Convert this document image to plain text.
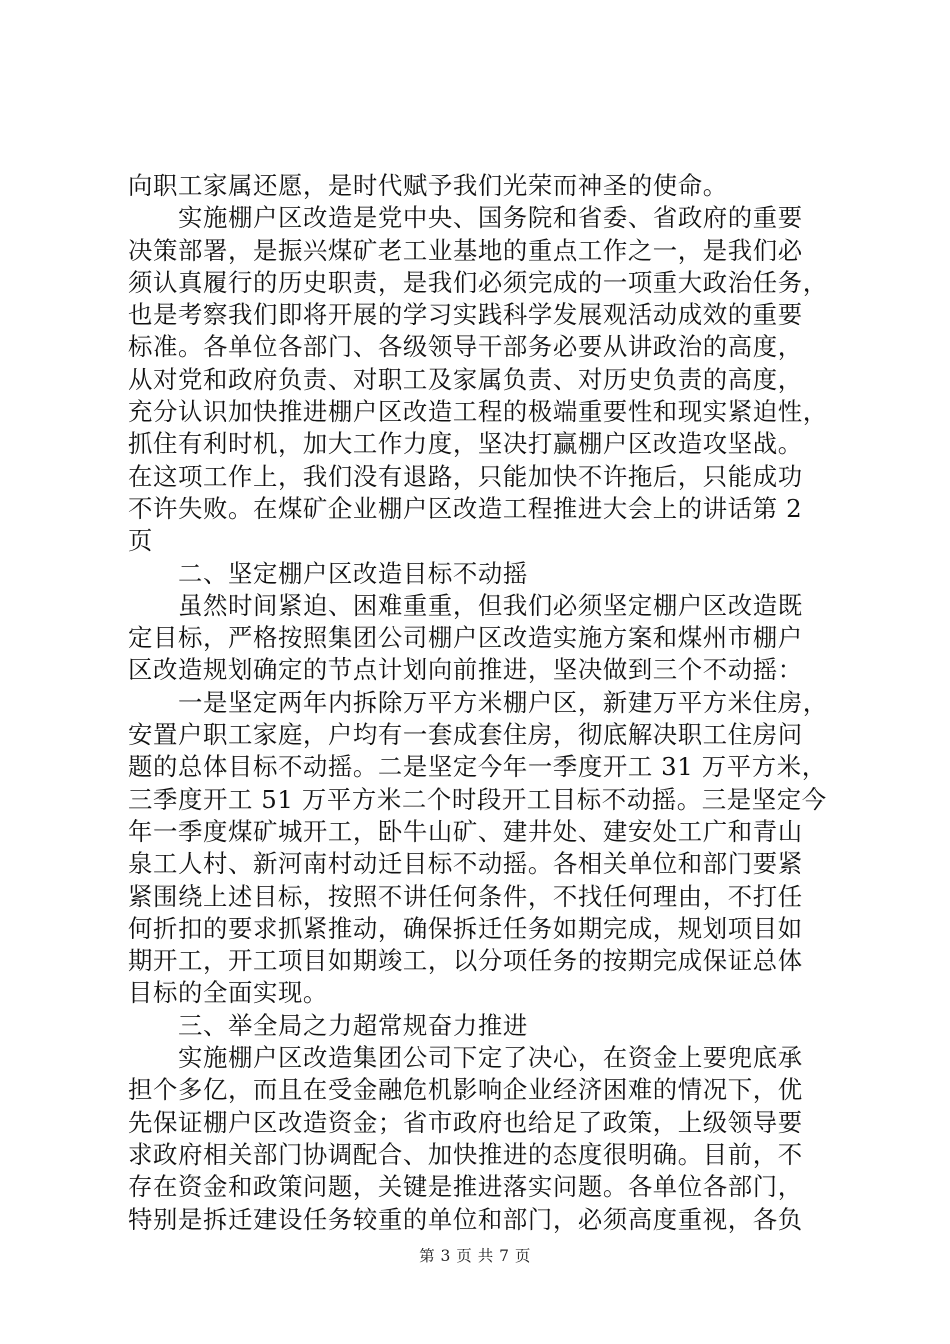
向职工家属还愿，是时代赋予我们光荣而神圣的使命。
实施棚户区改造是党中央、国务院和省委、省政府的重要
决策部署，是振兴煤矿老工业基地的重点工作之一，是我们必
须认真履行的历史职责，是我们必须完成的一项重大政治任务，
也是考察我们即将开展的学习实践科学发展观活动成效的重要
标准。各单位各部门、各级领导干部务必要从讲政治的高度，
从对党和政府负责、对职工及家属负责、对历史负责的高度，
充分认识加快推进棚户区改造工程的极端重要性和现实紧迫性，
抓住有利时机，加大工作力度，坚决打赢棚户区改造攻坚战。
在这项工作上，我们没有退路，只能加快不许拖后，只能成功
不许失败。在煤矿企业棚户区改造工程推进大会上的讲话第 2
页
二、坚定棚户区改造目标不动摇
虽然时间紧迫、困难重重，但我们必须坚定棚户区改造既
定目标，严格按照集团公司棚户区改造实施方案和煤州市棚户
区改造规划确定的节点计划向前推进，坚决做到三个不动摇：
一是坚定两年内拆除万平方米棚户区，新建万平方米住房，
安置户职工家庭，户均有一套成套住房，彻底解决职工住房问
题的总体目标不动摇。二是坚定今年一季度开工 31 万平方米，
三季度开工 51 万平方米二个时段开工目标不动摇。三是坚定今
年一季度煤矿城开工，卧牛山矿、建井处、建安处工广和青山
泉工人村、新河南村动迁目标不动摇。各相关单位和部门要紧
紧围绕上述目标，按照不讲任何条件，不找任何理由，不打任
何折扣的要求抓紧推动，确保拆迁任务如期完成，规划项目如
期开工，开工项目如期竣工，以分项任务的按期完成保证总体
目标的全面实现。
三、举全局之力超常规奋力推进
实施棚户区改造集团公司下定了决心，在资金上要兜底承
担个多亿，而且在受金融危机影响企业经济困难的情况下，优
先保证棚户区改造资金；省市政府也给足了政策，上级领导要
求政府相关部门协调配合、加快推进的态度很明确。目前，不
存在资金和政策问题，关键是推进落实问题。各单位各部门，
特别是拆迁建设任务较重的单位和部门，必须高度重视，各负
第 3 页 共 7 页
